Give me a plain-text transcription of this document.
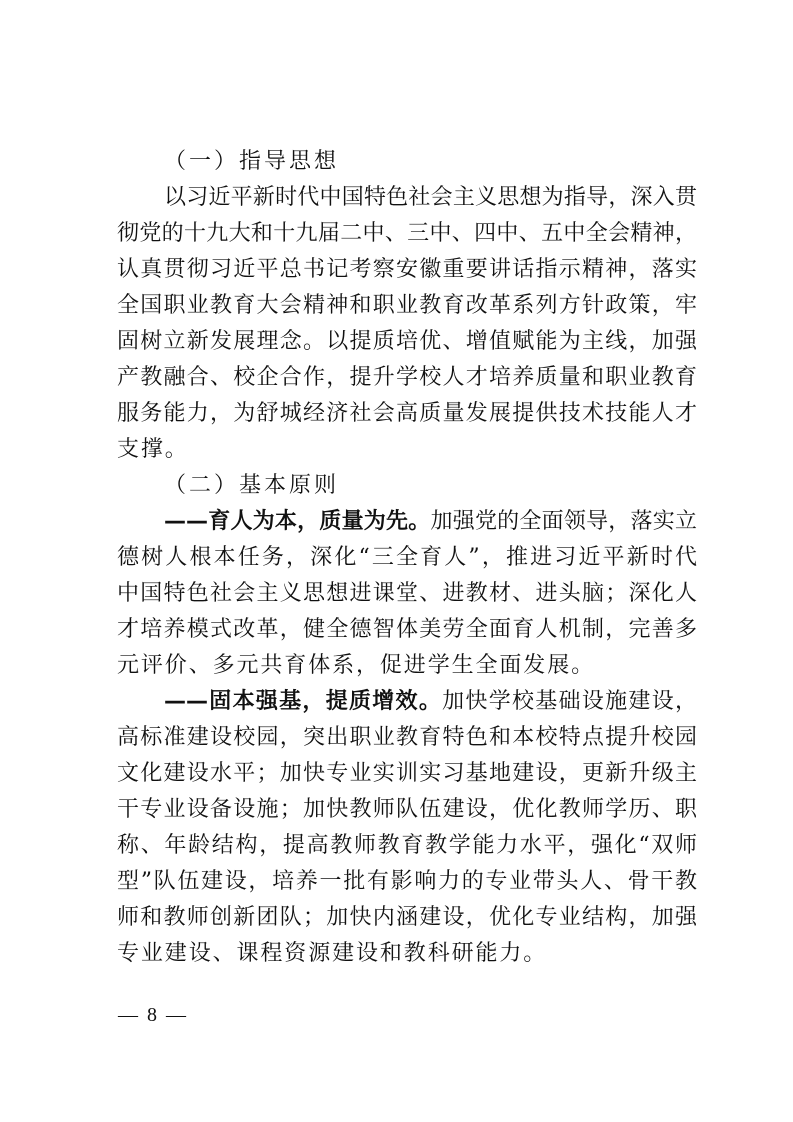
（一）指导思想
以习近平新时代中国特色社会主义思想为指导，深入贯
彻党的十九大和十九届二中、三中、四中、五中全会精神，
认真贯彻习近平总书记考察安徽重要讲话指示精神，落实
全国职业教育大会精神和职业教育改革系列方针政策，牢
固树立新发展理念。以提质培优、增值赋能为主线，加强
产教融合、校企合作，提升学校人才培养质量和职业教育
服务能力，为舒城经济社会高质量发展提供技术技能人才
支撑。
（二）基本原则
——育人为本，质量为先。加强党的全面领导，落实立
德树人根本任务，深化“三全育人”，推进习近平新时代
中国特色社会主义思想进课堂、进教材、进头脑；深化人
才培养模式改革，健全德智体美劳全面育人机制，完善多
元评价、多元共育体系，促进学生全面发展。
——固本强基，提质增效。加快学校基础设施建设，
高标准建设校园，突出职业教育特色和本校特点提升校园
文化建设水平；加快专业实训实习基地建设，更新升级主
干专业设备设施；加快教师队伍建设，优化教师学历、职
称、年龄结构，提高教师教育教学能力水平，强化“双师
型”队伍建设，培养一批有影响力的专业带头人、骨干教
师和教师创新团队；加快内涵建设，优化专业结构，加强
专业建设、课程资源建设和教科研能力。
— 8 —
